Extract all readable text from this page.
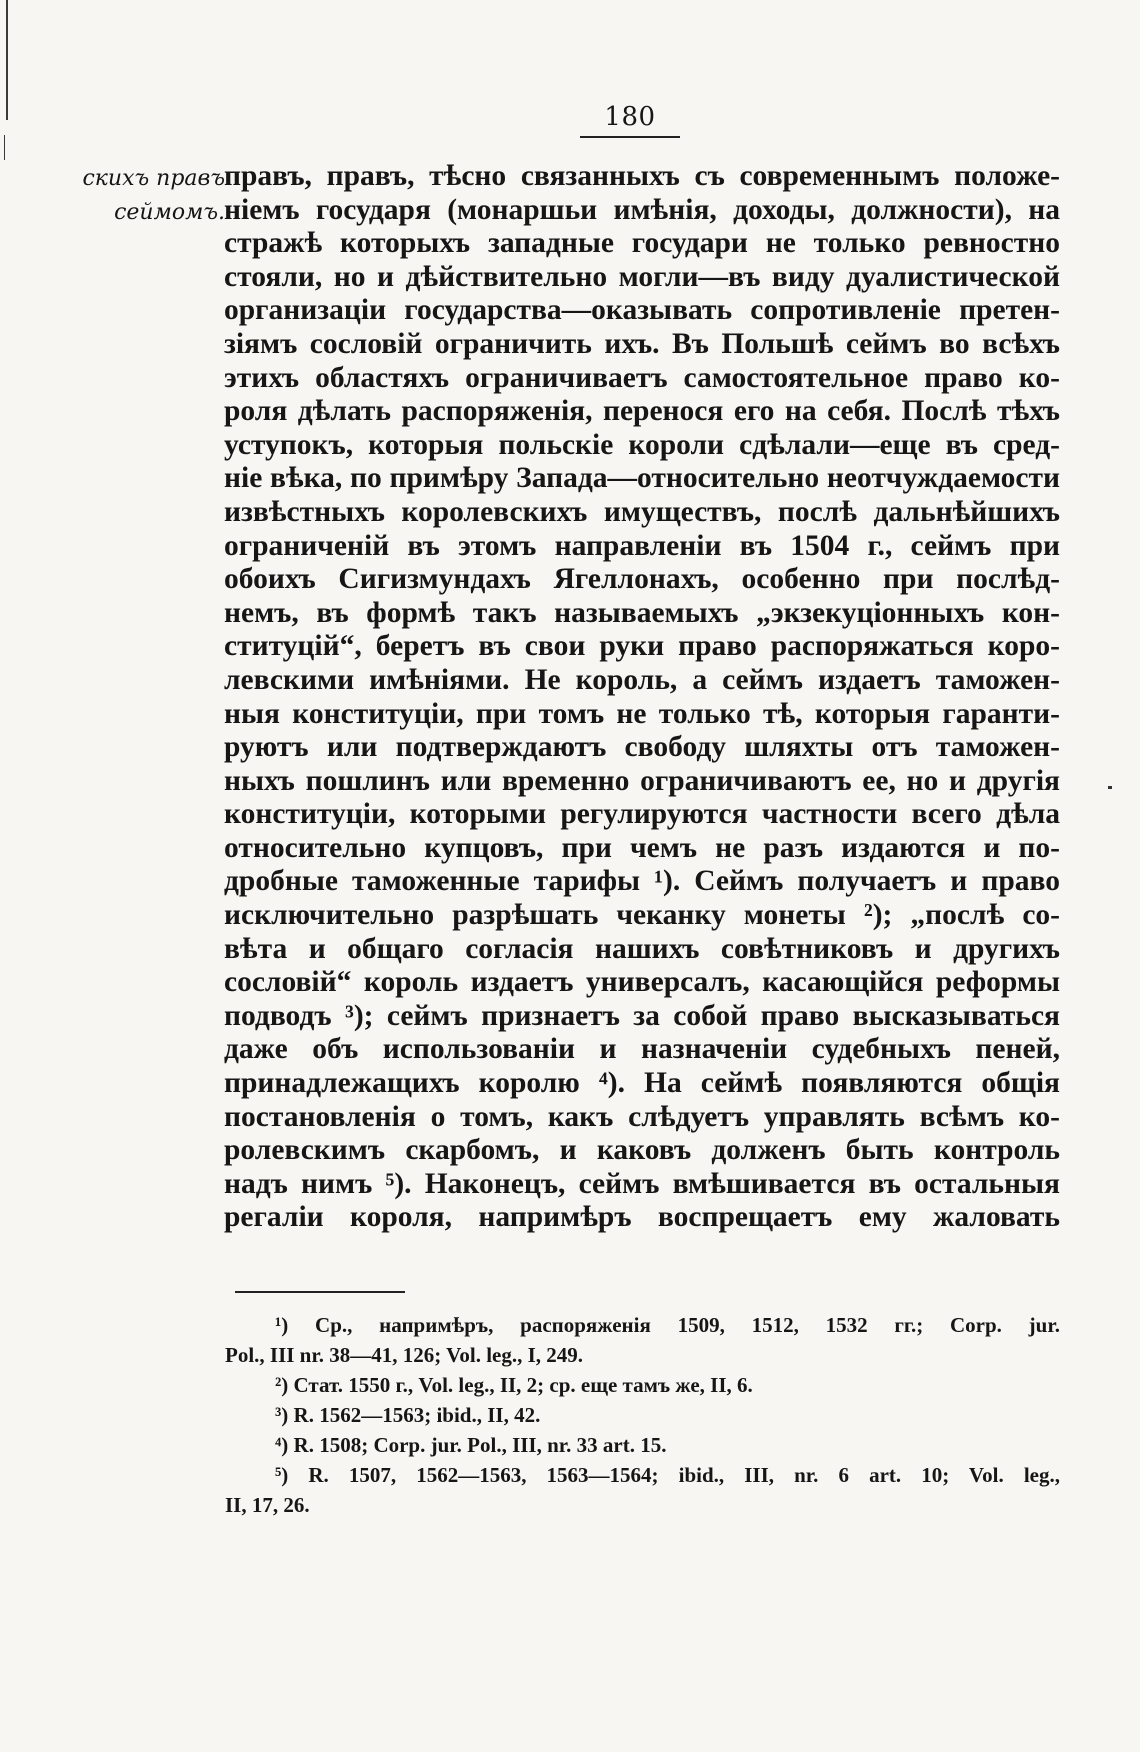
180
скихъ правъ
сеймомъ.
правъ, правъ, тѣсно связанныхъ съ современнымъ положе-
ніемъ государя (монаршьи имѣнія, доходы, должности), на
стражѣ которыхъ западные государи не только ревностно
стояли, но и дѣйствительно могли—въ виду дуалистической
организаціи государства—оказывать сопротивленіе претен-
зіямъ сословій ограничить ихъ. Въ Польшѣ сеймъ во всѣхъ
этихъ областяхъ ограничиваетъ самостоятельное право ко-
роля дѣлать распоряженія, перенося его на себя. Послѣ тѣхъ
уступокъ, которыя польскіе короли сдѣлали—еще въ сред-
ніе вѣка, по примѣру Запада—относительно неотчуждаемости
извѣстныхъ королевскихъ имуществъ, послѣ дальнѣйшихъ
ограниченій въ этомъ направленіи въ 1504 г., сеймъ при
обоихъ Сигизмундахъ Ягеллонахъ, особенно при послѣд-
немъ, въ формѣ такъ называемыхъ „экзекуціонныхъ кон-
ституцій“, беретъ въ свои руки право распоряжаться коро-
левскими имѣніями. Не король, а сеймъ издаетъ таможен-
ныя конституціи, при томъ не только тѣ, которыя гаранти-
руютъ или подтверждаютъ свободу шляхты отъ таможен-
ныхъ пошлинъ или временно ограничиваютъ ее, но и другія
конституціи, которыми регулируются частности всего дѣла
относительно купцовъ, при чемъ не разъ издаются и по-
дробные таможенные тарифы ¹). Сеймъ получаетъ и право
исключительно разрѣшать чеканку монеты ²); „послѣ со-
вѣта и общаго согласія нашихъ совѣтниковъ и другихъ
сословій“ король издаетъ универсалъ, касающійся реформы
подводъ ³); сеймъ признаетъ за собой право высказываться
даже объ использованіи и назначеніи судебныхъ пеней,
принадлежащихъ королю ⁴). На сеймѣ появляются общія
постановленія о томъ, какъ слѣдуетъ управлять всѣмъ ко-
ролевскимъ скарбомъ, и каковъ долженъ быть контроль
надъ нимъ ⁵). Наконецъ, сеймъ вмѣшивается въ остальныя
регаліи короля, напримѣръ воспрещаетъ ему жаловать
¹) Ср., напримѣръ, распоряженія 1509, 1512, 1532 гг.; Corp. jur.
Pol., III nr. 38—41, 126; Vol. leg., I, 249.
²) Стат. 1550 г., Vol. leg., II, 2; ср. еще тамъ же, II, 6.
³) R. 1562—1563; ibid., II, 42.
⁴) R. 1508; Corp. jur. Pol., III, nr. 33 art. 15.
⁵) R. 1507, 1562—1563, 1563—1564; ibid., III, nr. 6 art. 10; Vol. leg.,
II, 17, 26.
